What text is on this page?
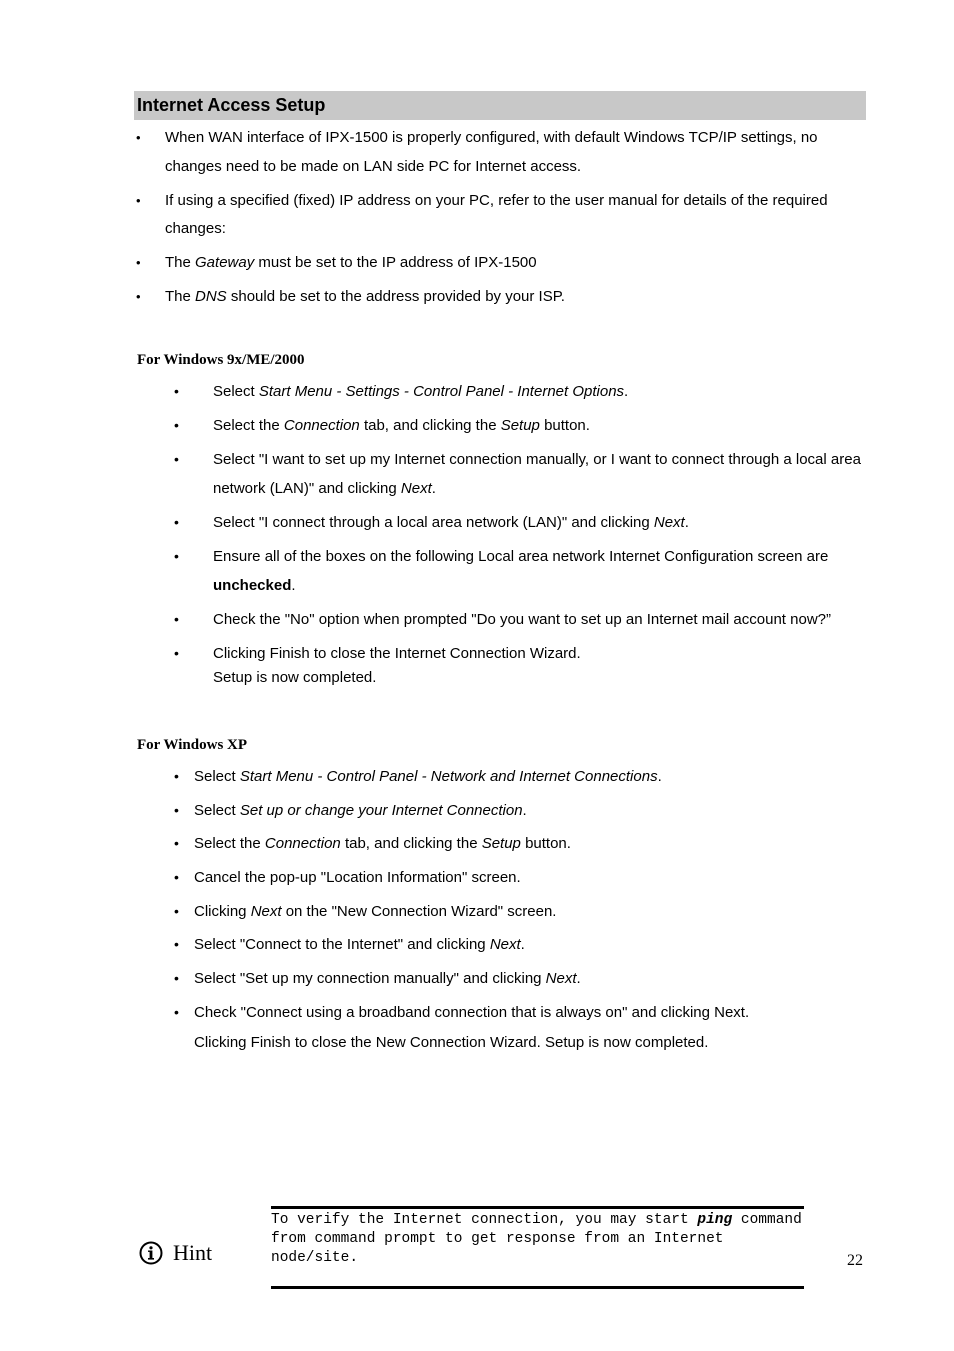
Internet Access Setup
• When WAN interface of IPX-1500 is properly configured, with default Windows TCP/IP settings, no changes need to be made on LAN side PC for Internet access.
• If using a specified (fixed) IP address on your PC, refer to the user manual for details of the required changes:
• The Gateway must be set to the IP address of IPX-1500
• The DNS should be set to the address provided by your ISP.
For Windows 9x/ME/2000
• Select Start Menu - Settings - Control Panel - Internet Options.
• Select the Connection tab, and clicking the Setup button.
• Select "I want to set up my Internet connection manually, or I want to connect through a local area network (LAN)" and clicking Next.
• Select "I connect through a local area network (LAN)" and clicking Next.
• Ensure all of the boxes on the following Local area network Internet Configuration screen are unchecked.
• Check the "No" option when prompted "Do you want to set up an Internet mail account now?”
• Clicking Finish to close the Internet Connection Wizard.
Setup is now completed.
For Windows XP
• Select Start Menu - Control Panel - Network and Internet Connections.
• Select Set up or change your Internet Connection.
• Select the Connection tab, and clicking the Setup button.
• Cancel the pop-up "Location Information" screen.
• Clicking Next on the "New Connection Wizard" screen.
• Select "Connect to the Internet" and clicking Next.
• Select "Set up my connection manually" and clicking Next.
• Check "Connect using a broadband connection that is always on" and clicking Next.
Clicking Finish to close the New Connection Wizard. Setup is now completed.
Hint
To verify the Internet connection, you may start ping command from command prompt to get response from an Internet node/site.	22
